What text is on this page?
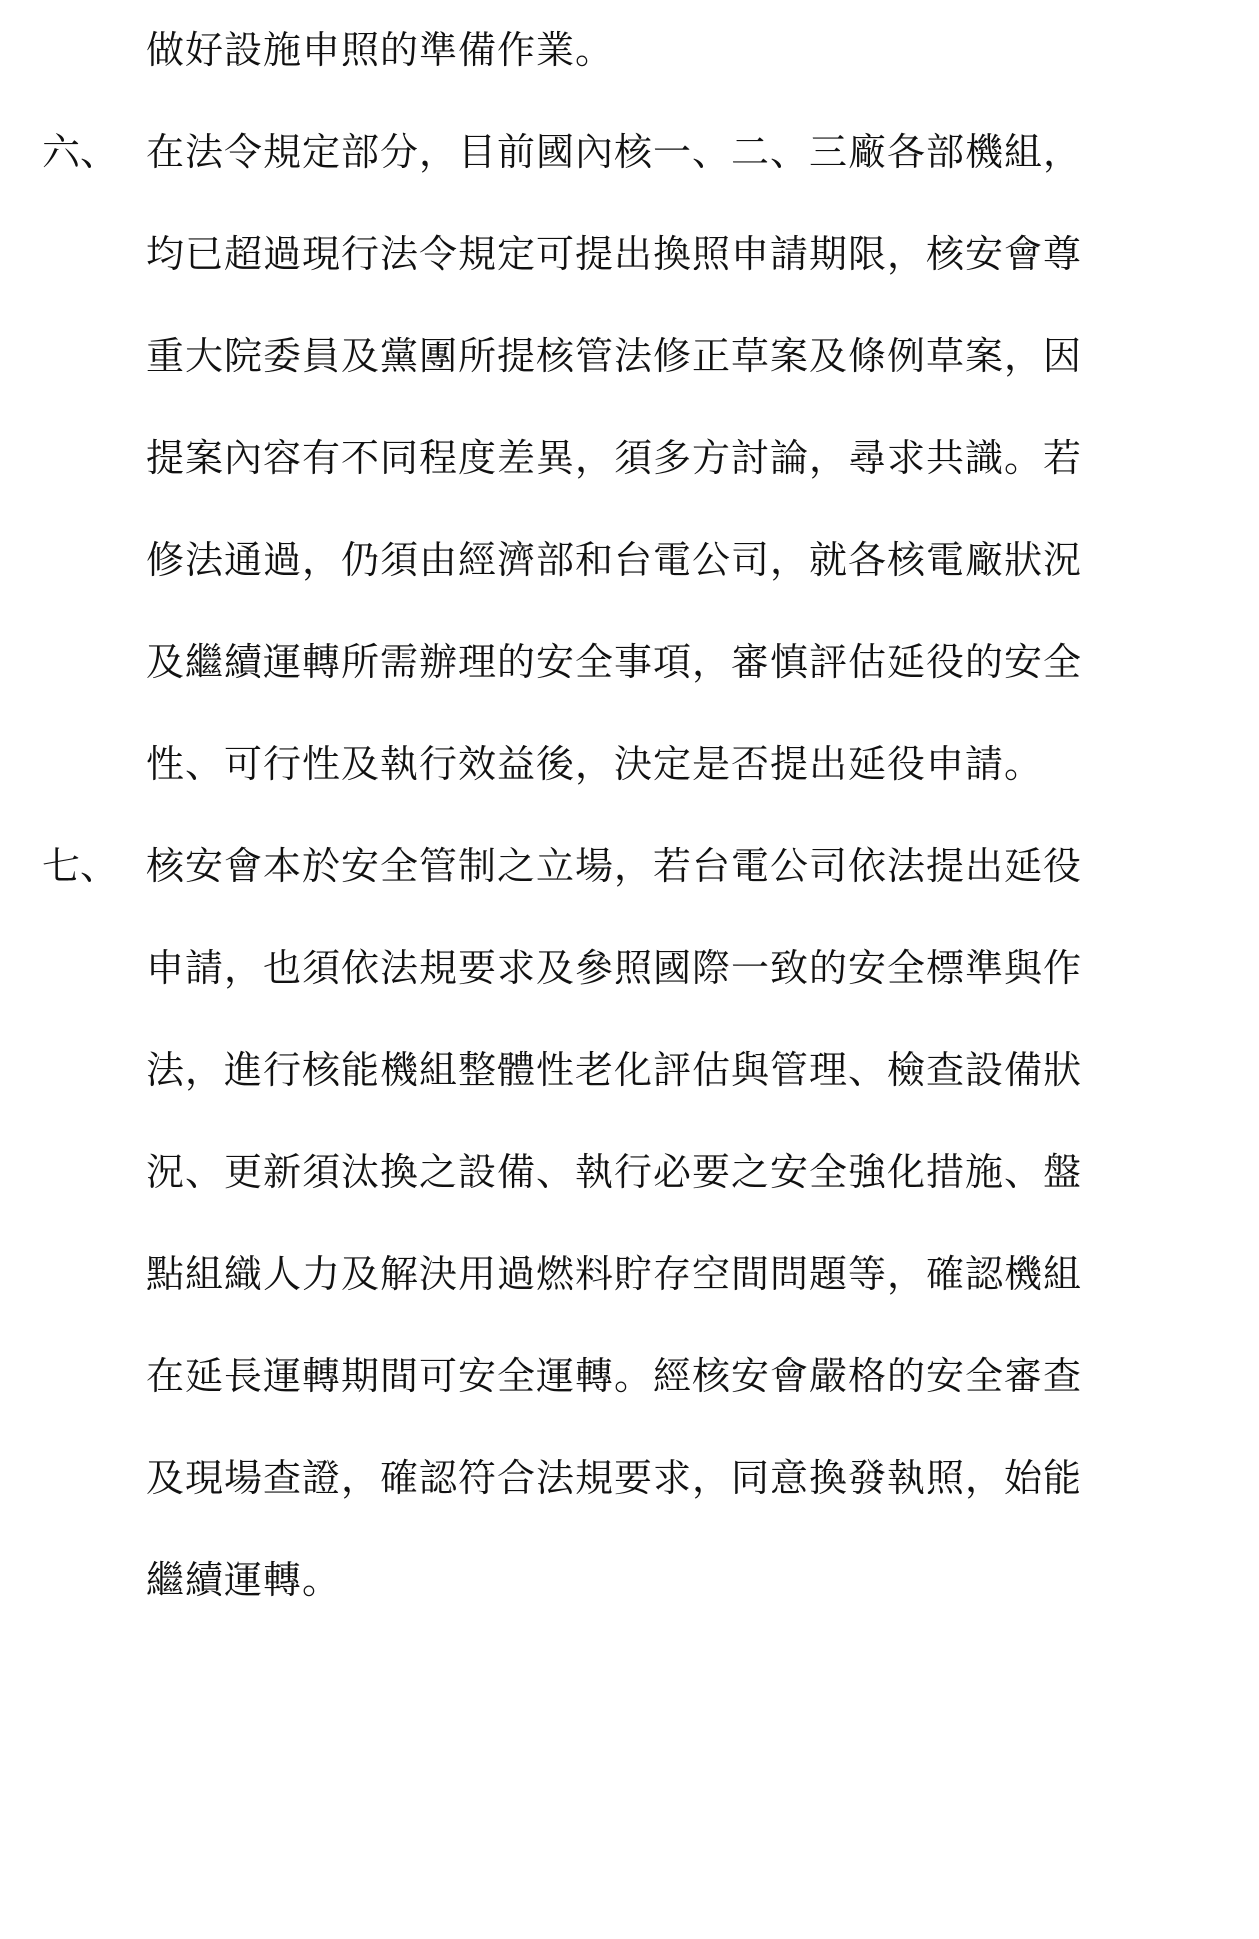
做好設施申照的準備作業。
六、 在法令規定部分，目前國內核一、二、三廠各部機組，
均已超過現行法令規定可提出換照申請期限，核安會尊
重大院委員及黨團所提核管法修正草案及條例草案，因
提案內容有不同程度差異，須多方討論，尋求共識。若
修法通過，仍須由經濟部和台電公司，就各核電廠狀況
及繼續運轉所需辦理的安全事項，審慎評估延役的安全
性、可行性及執行效益後，決定是否提出延役申請。
七、 核安會本於安全管制之立場，若台電公司依法提出延役
申請，也須依法規要求及參照國際一致的安全標準與作
法，進行核能機組整體性老化評估與管理、檢查設備狀
況、更新須汰換之設備、執行必要之安全強化措施、盤
點組織人力及解決用過燃料貯存空間問題等，確認機組
在延長運轉期間可安全運轉。經核安會嚴格的安全審查
及現場查證，確認符合法規要求，同意換發執照，始能
繼續運轉。
